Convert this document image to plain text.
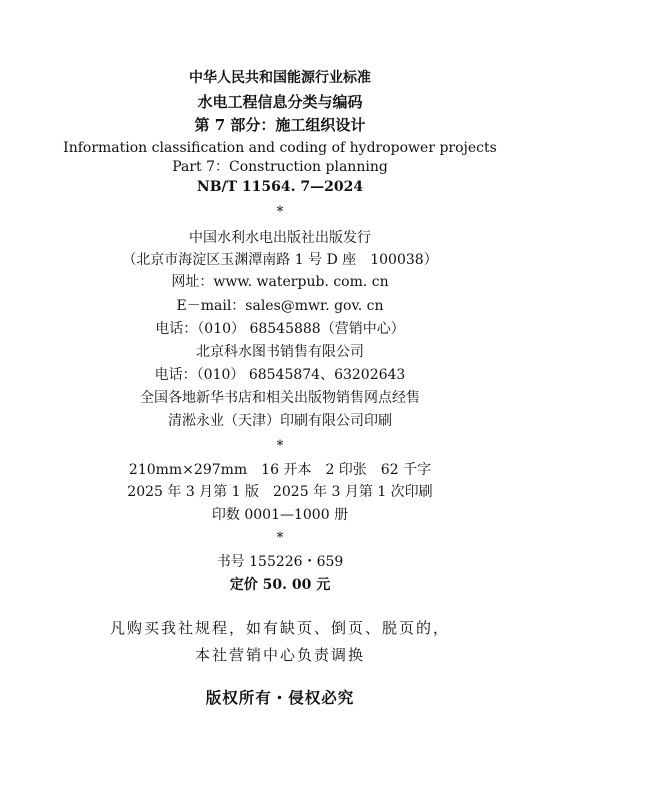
中华人民共和国能源行业标准
水电工程信息分类与编码
第 7 部分：施工组织设计
Information classification and coding of hydropower projects
Part 7：Construction planning
NB/T 11564. 7—2024
*
中国水利水电出版社出版发行
（北京市海淀区玉渊潭南路 1 号 D 座　100038）
网址：www. waterpub. com. cn
E－mail：sales@mwr. gov. cn
电话：（010） 68545888（营销中心）
北京科水图书销售有限公司
电话：（010） 68545874、63202643
全国各地新华书店和相关出版物销售网点经售
清淞永业（天津）印刷有限公司印刷
*
210mm×297mm　16 开本　2 印张　62 千字
2025 年 3 月第 1 版　2025 年 3 月第 1 次印刷
印数 0001—1000 册
*
书号 155226・659
定价 50. 00 元
凡购买我社规程，如有缺页、倒页、脱页的，
本社营销中心负责调换
版权所有・侵权必究
